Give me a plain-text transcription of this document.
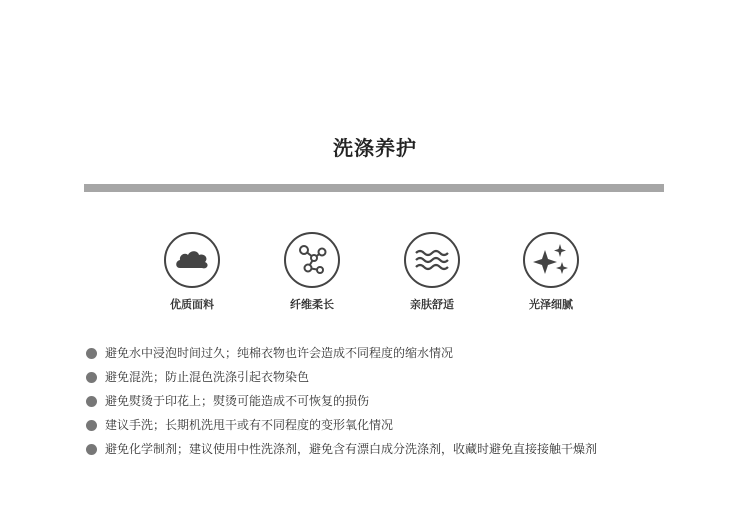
洗涤养护
优质面料	纤维柔长	亲肤舒适	光泽细腻
避免水中浸泡时间过久；纯棉衣物也许会造成不同程度的缩水情况
避免混洗；防止混色洗涤引起衣物染色
避免熨烫于印花上；熨烫可能造成不可恢复的损伤
建议手洗；长期机洗甩干或有不同程度的变形氧化情况
避免化学制剂；建议使用中性洗涤剂，避免含有漂白成分洗涤剂，收藏时避免直接接触干燥剂
